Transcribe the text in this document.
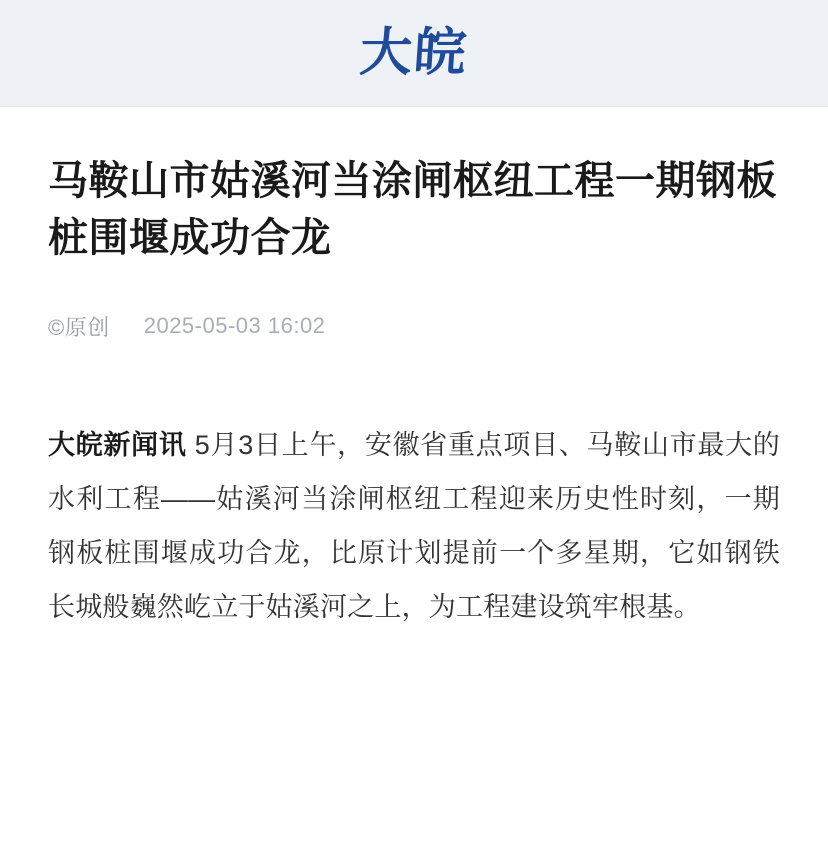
大皖
马鞍山市姑溪河当涂闸枢纽工程一期钢板桩围堰成功合龙
©原创 2025-05-03 16:02
大皖新闻讯 5月3日上午，安徽省重点项目、马鞍山市最大的水利工程——姑溪河当涂闸枢纽工程迎来历史性时刻，一期钢板桩围堰成功合龙，比原计划提前一个多星期，它如钢铁长城般巍然屹立于姑溪河之上，为工程建设筑牢根基。
